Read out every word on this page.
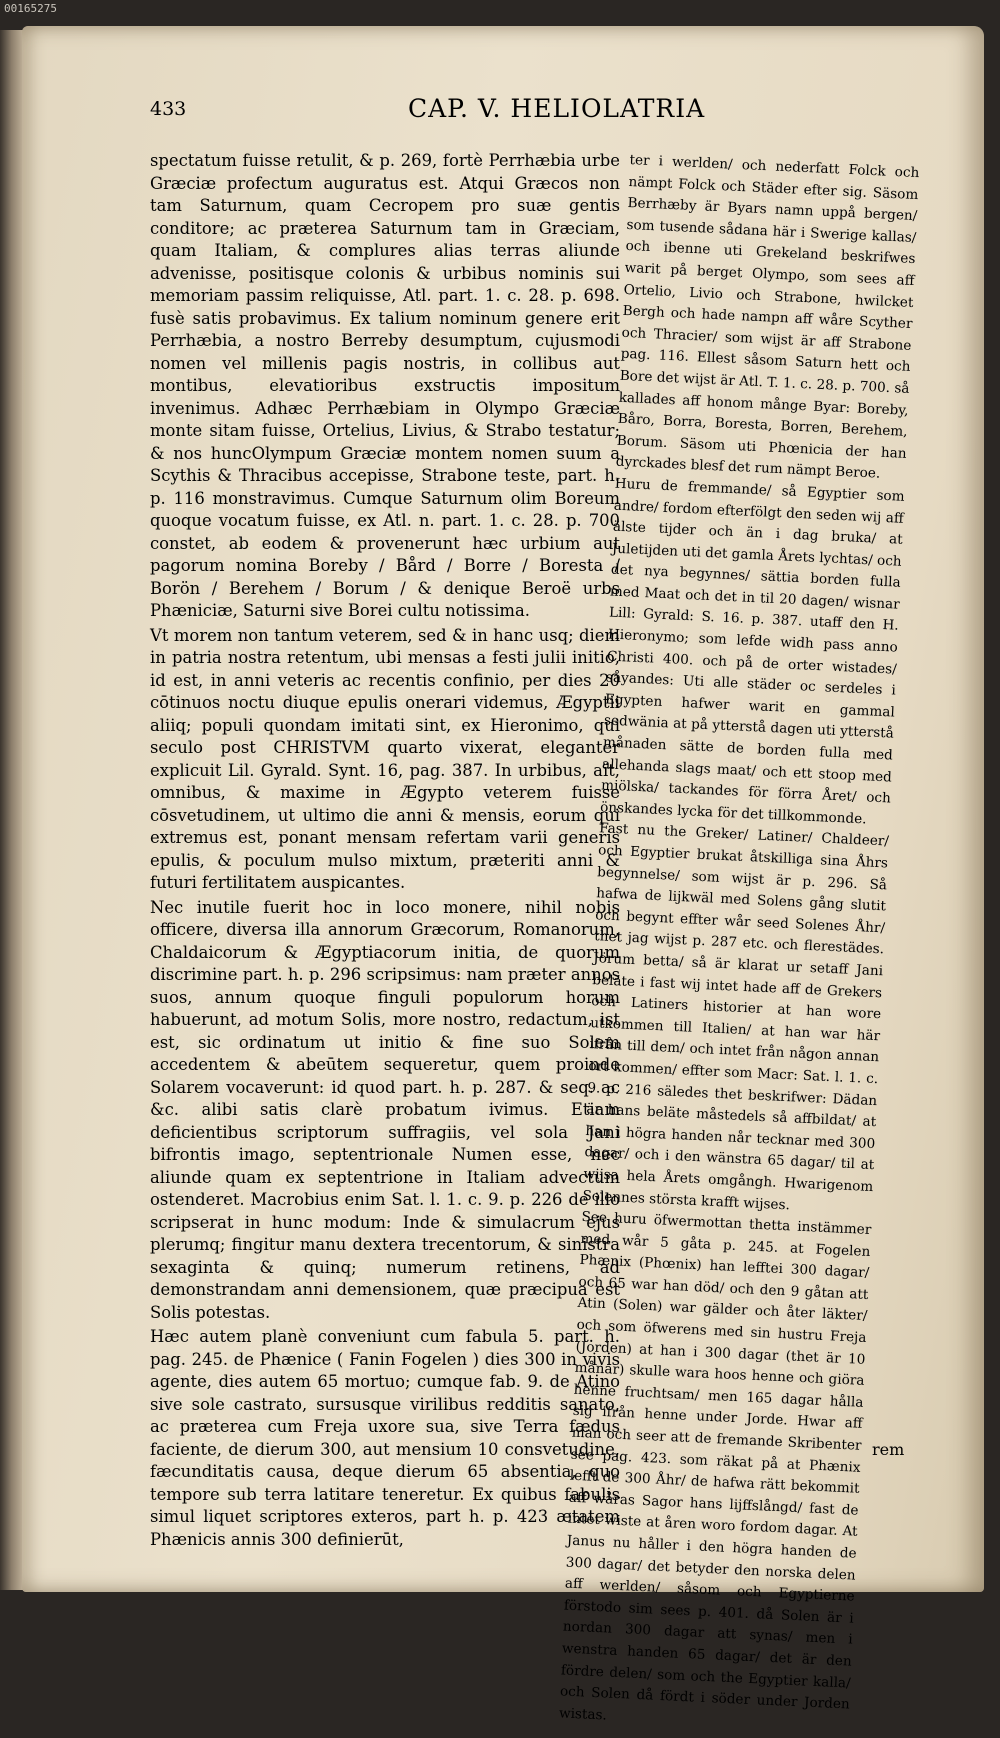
00165275
433	CAP. V. HELIOLATRIA

spectatum fuisse retulit, & p. 269, fortè Perrhæbia urbe Græciæ profectum auguratus est. Atqui Græcos non tam Saturnum, quam Cecropem pro suæ gentis conditore; ac præterea Saturnum tam in Græciam, quam Italiam, & complures alias terras aliunde advenisse, positisque colonis & urbibus nominis sui memoriam passim reliquisse, Atl. part. 1. c. 28. p. 698. fusè satis probavimus. Ex talium nominum genere erit Perrhæbia, a nostro Berreby desumptum, cujusmodi nomen vel millenis pagis nostris, in collibus aut montibus, elevatioribus exstructis impositum invenimus. Adhæc Perrhæbiam in Olympo Græciæ monte sitam fuisse, Ortelius, Livius, & Strabo testatur; & nos huncOlympum Græciæ montem nomen suum a Scythis & Thracibus accepisse, Strabone teste, part. h. p. 116 monstravimus. Cumque Saturnum olim Boreum quoque vocatum fuisse, ex Atl. n. part. 1. c. 28. p. 700 constet, ab eodem & provenerunt hæc urbium aut pagorum nomina Boreby / Bård / Borre / Boresta / Borön / Berehem / Borum / & denique Beroë urbs Phæniciæ, Saturni sive Borei cultu notissima.

Vt morem non tantum veterem, sed & in hanc usq; diem in patria nostra retentum, ubi mensas a festi julii initio, id est, in anni veteris ac recentis confinio, per dies 20 cōtinuos noctu diuque epulis onerari videmus, Ægyptii aliiq; populi quondam imitati sint, ex Hieronimo, qui seculo post CHRISTVM quarto vixerat, eleganter explicuit Lil. Gyrald. Synt. 16, pag. 387. In urbibus, aït, omnibus, & maxime in Ægypto veterem fuisse cōsvetudinem, ut ultimo die anni & mensis, eorum qui extremus est, ponant mensam refertam varii generis epulis, & poculum mulso mixtum, præteriti anni & futuri fertilitatem auspicantes.

Nec inutile fuerit hoc in loco monere, nihil nobis officere, diversa illa annorum Græcorum, Romanorum, Chaldaicorum & Ægyptiacorum initia, de quorum discrimine part. h. p. 296 scripsimus: nam præter annos suos, annum quoque finguli populorum horum habuerunt, ad motum Solis, more nostro, redactum, ist est, sic ordinatum ut initio & fine suo Solem accedentem & abeūtem sequeretur, quem proinde Solarem vocaverunt: id quod part. h. p. 287. & seq. ac &c. alibi satis clarè probatum ivimus. Etiam deficientibus scriptorum suffragiis, vel sola Jani bifrontis imago, septentrionale Numen esse, nec aliunde quam ex septentrione in Italiam advectum ostenderet. Macrobius enim Sat. l. 1. c. 9. p. 226 de illo scripserat in hunc modum: Inde & simulacrum ejus plerumq; fingitur manu dextera trecentorum, & sinistra sexaginta & quinq; numerum retinens, ad demonstrandam anni demensionem, quæ præcipua est Solis potestas.

Hæc autem planè conveniunt cum fabula 5. part. h. pag. 245. de Phænice ( Fanin Fogelen ) dies 300 in vivis agente, dies autem 65 mortuo; cumque fab. 9. de Atino sive sole castrato, sursusque virilibus redditis sanato, ac præterea cum Freja uxore sua, sive Terra fædus faciente, de dierum 300, aut mensium 10 consvetudine, fæcunditatis causa, deque dierum 65 absentia, quo tempore sub terra latitare teneretur. Ex quibus fabulis simul liquet scriptores exteros, part h. p. 423 ætatem Phænicis annis 300 definierūt,

ter i werlden/ och nederfatt Folck och nämpt Folck och Städer efter sig. Säsom Berrhæby är Byars namn uppå bergen/ som tusende sådana här i Swerige kallas/ och ibenne uti Grekeland beskrifwes warit på berget Olympo, som sees aff Ortelio, Livio och Strabone, hwilcket Bergh och hade nampn aff wåre Scyther och Thracier/ som wijst är aff Strabone pag. 116. Ellest såsom Saturn hett och Bore det wijst är Atl. T. 1. c. 28. p. 700. så kallades aff honom månge Byar: Boreby, Båro, Borra, Boresta, Borren, Berehem, Borum. Säsom uti Phœnicia der han dyrckades blesf det rum nämpt Beroe.

Huru de fremmande/ så Egyptier som andre/ fordom efterfölgt den seden wij aff älste tijder och än i dag bruka/ at Juletijden uti det gamla Årets lychtas/ och det nya begynnes/ sättia borden fulla med Maat och det in til 20 dagen/ wisnar Lill: Gyrald: S. 16. p. 387. utaff den H. Hieronymo; som lefde widh pass anno Christi 400. och på de orter wistades/ såyandes: Uti alle städer oc serdeles i Egypten hafwer warit en gammal sedwänia at på ytterstå dagen uti ytterstå månaden sätte de borden fulla med allehanda slags maat/ och ett stoop med miölska/ tackandes för förra Året/ och önskandes lycka för det tillkommonde.

Fast nu the Greker/ Latiner/ Chaldeer/ och Egyptier brukat åtskilliga sina Åhrs begynnelse/ som wijst är p. 296. Så hafwa de lijkwäl med Solens gång slutit och begynt effter wår seed Solenes Åhr/ thet jag wijst p. 287 etc. och flerestädes. Jörum betta/ så är klarat ur setaff Jani beläte i fast wij intet hade aff de Grekers och Latiners historier at han wore utkommen till Italien/ at han war här ifrån till dem/ och intet från någon annan ort kommen/ effter som Macr: Sat. l. 1. c. 9. p. 216 säledes thet beskrifwer: Dädan är hans beläte måstedels så affbildat/ at han i högra handen når tecknar med 300 dagar/ och i den wänstra 65 dagar/ til at wijsa hela Årets omgångh. Hwarigenom Solennes största krafft wijses.

See huru öfwermottan thetta instämmer med wår 5 gåta p. 245. at Fogelen Phænix (Phœnix) han lefftei 300 dagar/ och 65 war han död/ och den 9 gåtan att Atin (Solen) war gälder och åter läkter/ och som öfwerens med sin hustru Freja (Jorden) at han i 300 dagar (thet är 10 månar) skulle wara hoos henne och giöra henne fruchtsam/ men 165 dagar hålla sig ifrån henne under Jorde. Hwar aff man och seer att de fremande Skribenter see pag. 423. som räkat på at Phænix lefft de 300 Åhr/ de hafwa rätt bekommit aff wåras Sagor hans lijffslångd/ fast de intet wiste at åren woro fordom dagar. At Janus nu håller i den högra handen de 300 dagar/ det betyder den norska delen aff werlden/ såsom och Egyptierne förstodo sim sees p. 401. då Solen är i nordan 300 dagar att synas/ men i wenstra handen 65 dagar/ det är den fördre delen/ som och the Egyptier kalla/ och Solen då fördt i söder under Jorden wistas.

rem
